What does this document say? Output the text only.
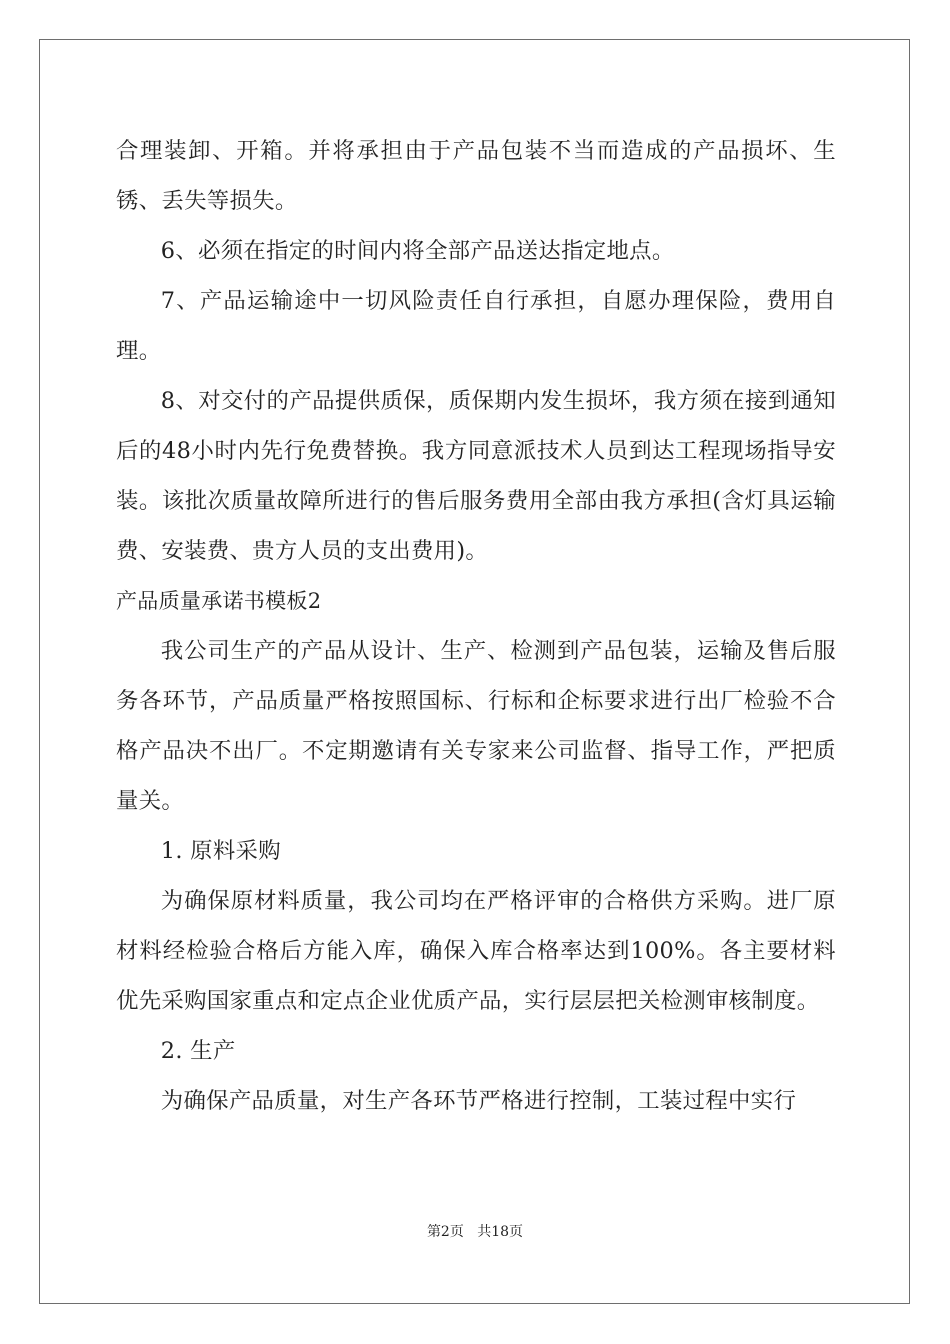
合理装卸、开箱。并将承担由于产品包装不当而造成的产品损坏、生锈、丢失等损失。

6、必须在指定的时间内将全部产品送达指定地点。

7、产品运输途中一切风险责任自行承担，自愿办理保险，费用自理。

8、对交付的产品提供质保，质保期内发生损坏，我方须在接到通知后的48小时内先行免费替换。我方同意派技术人员到达工程现场指导安装。该批次质量故障所进行的售后服务费用全部由我方承担(含灯具运输费、安装费、贵方人员的支出费用)。

产品质量承诺书模板2

我公司生产的产品从设计、生产、检测到产品包装，运输及售后服务各环节，产品质量严格按照国标、行标和企标要求进行出厂检验不合格产品决不出厂。不定期邀请有关专家来公司监督、指导工作，严把质量关。

1. 原料采购

为确保原材料质量，我公司均在严格评审的合格供方采购。进厂原材料经检验合格后方能入库，确保入库合格率达到100%。各主要材料优先采购国家重点和定点企业优质产品，实行层层把关检测审核制度。

2. 生产

为确保产品质量，对生产各环节严格进行控制，工装过程中实行

第2页 共18页
